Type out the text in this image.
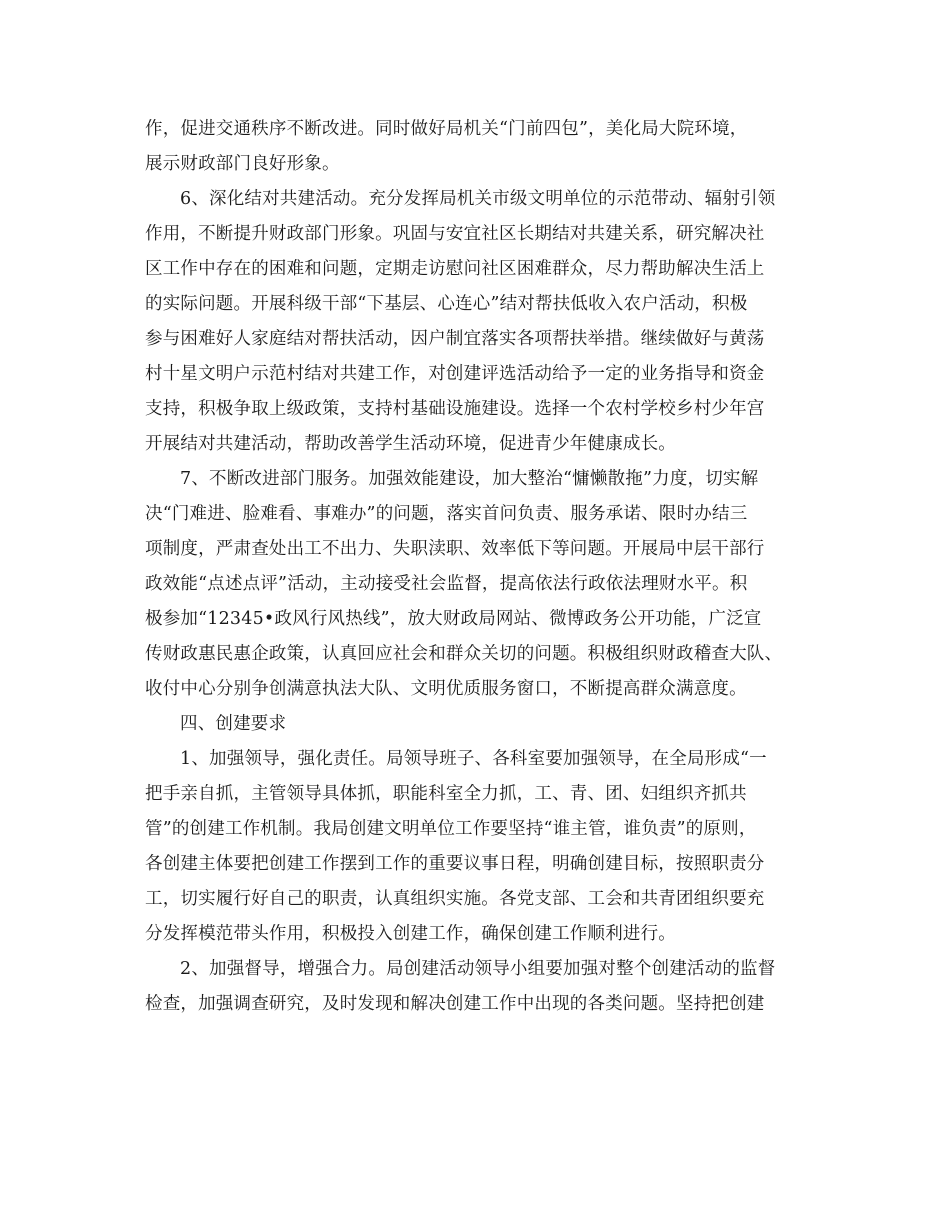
作，促进交通秩序不断改进。同时做好局机关“门前四包”，美化局大院环境，
展示财政部门良好形象。
6、深化结对共建活动。充分发挥局机关市级文明单位的示范带动、辐射引领
作用，不断提升财政部门形象。巩固与安宜社区长期结对共建关系，研究解决社
区工作中存在的困难和问题，定期走访慰问社区困难群众，尽力帮助解决生活上
的实际问题。开展科级干部“下基层、心连心”结对帮扶低收入农户活动，积极
参与困难好人家庭结对帮扶活动，因户制宜落实各项帮扶举措。继续做好与黄荡
村十星文明户示范村结对共建工作，对创建评选活动给予一定的业务指导和资金
支持，积极争取上级政策，支持村基础设施建设。选择一个农村学校乡村少年宫
开展结对共建活动，帮助改善学生活动环境，促进青少年健康成长。
7、不断改进部门服务。加强效能建设，加大整治“慵懒散拖”力度，切实解
决“门难进、脸难看、事难办”的问题，落实首问负责、服务承诺、限时办结三
项制度，严肃查处出工不出力、失职渎职、效率低下等问题。开展局中层干部行
政效能“点述点评”活动，主动接受社会监督，提高依法行政依法理财水平。积
极参加“12345•政风行风热线”，放大财政局网站、微博政务公开功能，广泛宣
传财政惠民惠企政策，认真回应社会和群众关切的问题。积极组织财政稽查大队、
收付中心分别争创满意执法大队、文明优质服务窗口，不断提高群众满意度。
四、创建要求
1、加强领导，强化责任。局领导班子、各科室要加强领导，在全局形成“一
把手亲自抓，主管领导具体抓，职能科室全力抓，工、青、团、妇组织齐抓共
管”的创建工作机制。我局创建文明单位工作要坚持“谁主管，谁负责”的原则，
各创建主体要把创建工作摆到工作的重要议事日程，明确创建目标，按照职责分
工，切实履行好自己的职责，认真组织实施。各党支部、工会和共青团组织要充
分发挥模范带头作用，积极投入创建工作，确保创建工作顺利进行。
2、加强督导，增强合力。局创建活动领导小组要加强对整个创建活动的监督
检查，加强调查研究，及时发现和解决创建工作中出现的各类问题。坚持把创建
